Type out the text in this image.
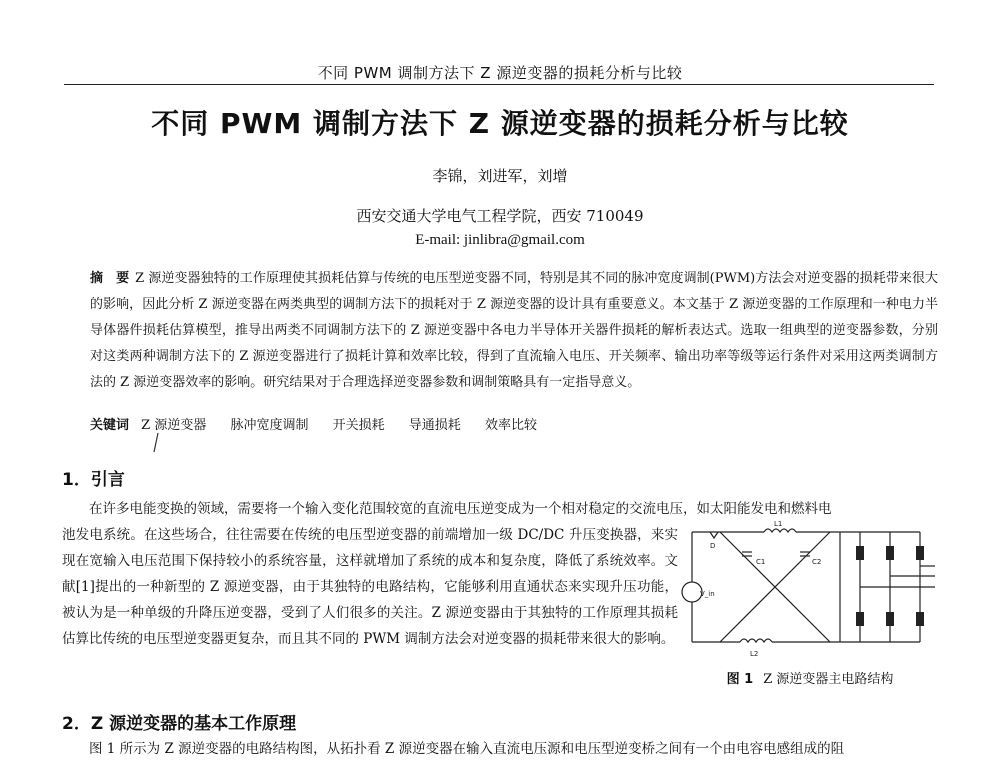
不同 PWM 调制方法下 Z 源逆变器的损耗分析与比较
不同 PWM 调制方法下 Z 源逆变器的损耗分析与比较
李锦，刘进军，刘增
西安交通大学电气工程学院，西安 710049
E-mail: jinlibra@gmail.com
摘　要 Z 源逆变器独特的工作原理使其损耗估算与传统的电压型逆变器不同，特别是其不同的脉冲宽度调制(PWM)方法会对逆变器的损耗带来很大的影响，因此分析 Z 源逆变器在两类典型的调制方法下的损耗对于 Z 源逆变器的设计具有重要意义。本文基于 Z 源逆变器的工作原理和一种电力半导体器件损耗估算模型，推导出两类不同调制方法下的 Z 源逆变器中各电力半导体开关器件损耗的解析表达式。选取一组典型的逆变器参数，分别对这类两种调制方法下的 Z 源逆变器进行了损耗计算和效率比较，得到了直流输入电压、开关频率、输出功率等级等运行条件对采用这两类调制方法的 Z 源逆变器效率的影响。研究结果对于合理选择逆变器参数和调制策略具有一定指导意义。
关键词 Z 源逆变器 脉冲宽度调制 开关损耗 导通损耗 效率比较
1．引言
在许多电能变换的领域，需要将一个输入变化范围较宽的直流电压逆变成为一个相对稳定的交流电压，如太阳能发电和燃料电
池发电系统。在这些场合，往往需要在传统的电压型逆变器的前端增加一级 DC/DC 升压变换器，来实现在宽输入电压范围下保持较小的系统容量，这样就增加了系统的成本和复杂度，降低了系统效率。文献[1]提出的一种新型的 Z 源逆变器，由于其独特的电路结构，它能够利用直通状态来实现升压功能，被认为是一种单级的升降压逆变器，受到了人们很多的关注。Z 源逆变器由于其独特的工作原理其损耗估算比传统的电压型逆变器更复杂，而且其不同的 PWM 调制方法会对逆变器的损耗带来很大的影响。
V_in
C1	C2
L1
L2
D
图 1 Z 源逆变器主电路结构
2．Z 源逆变器的基本工作原理
图 1 所示为 Z 源逆变器的电路结构图，从拓扑看 Z 源逆变器在输入直流电压源和电压型逆变桥之间有一个由电容电感组成的阻
